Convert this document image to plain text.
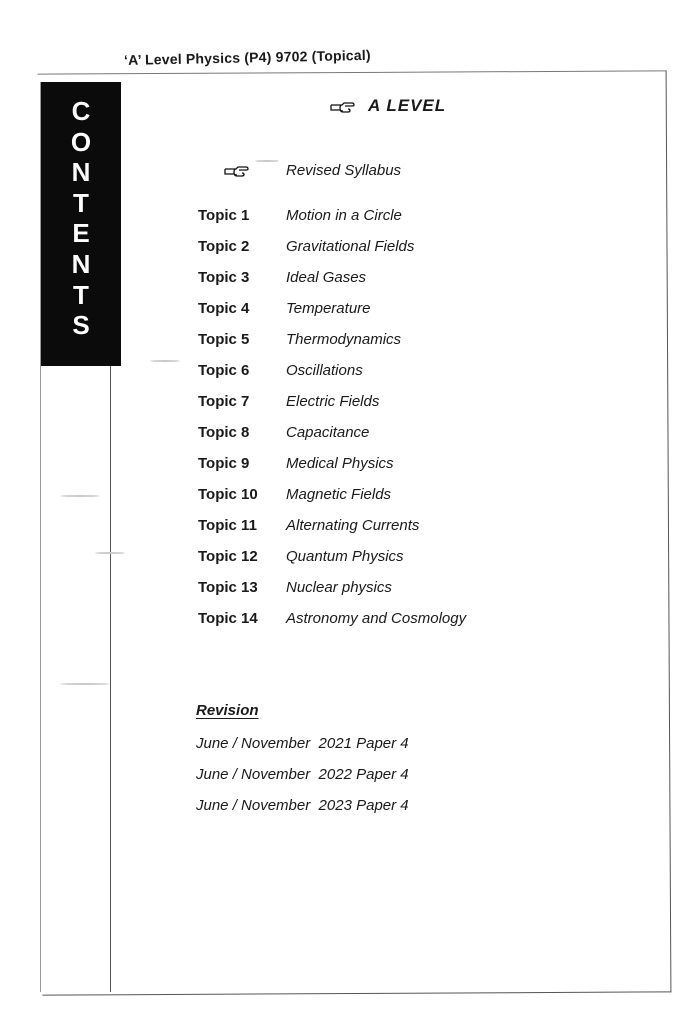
‘A’ Level Physics (P4) 9702 (Topical)
C
O
N
T
E
N
T
S
A LEVEL
Revised Syllabus
Topic 1	Motion in a Circle
Topic 2	Gravitational Fields
Topic 3	Ideal Gases
Topic 4	Temperature
Topic 5	Thermodynamics
Topic 6	Oscillations
Topic 7	Electric Fields
Topic 8	Capacitance
Topic 9	Medical Physics
Topic 10	Magnetic Fields
Topic 11	Alternating Currents
Topic 12	Quantum Physics
Topic 13	Nuclear physics
Topic 14	Astronomy and Cosmology
Revision
June / November  2021 Paper 4
June / November  2022 Paper 4
June / November  2023 Paper 4
